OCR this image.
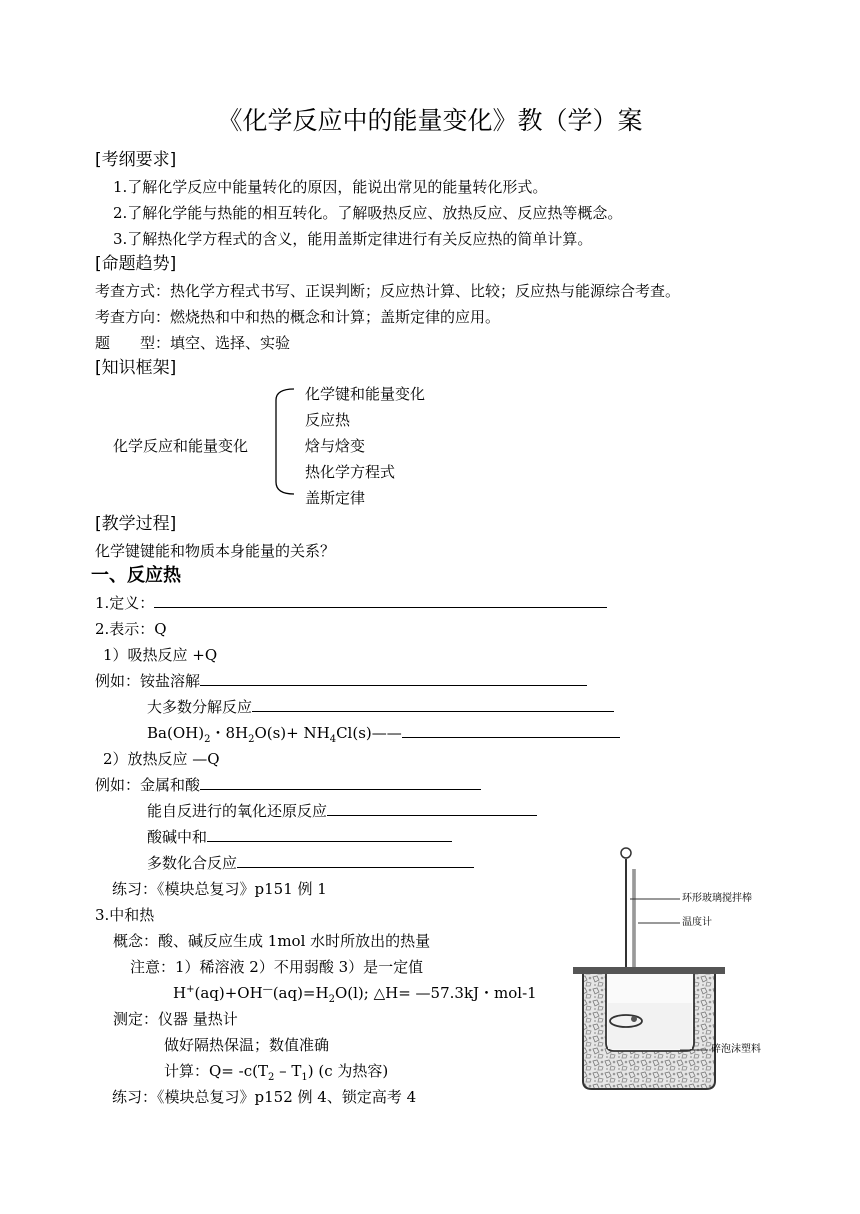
《化学反应中的能量变化》教（学）案
[考纲要求]
1.了解化学反应中能量转化的原因，能说出常见的能量转化形式。
2.了解化学能与热能的相互转化。了解吸热反应、放热反应、反应热等概念。
3.了解热化学方程式的含义，能用盖斯定律进行有关反应热的简单计算。
[命题趋势]
考查方式：热化学方程式书写、正误判断；反应热计算、比较；反应热与能源综合考查。
考查方向：燃烧热和中和热的概念和计算；盖斯定律的应用。
题 型：填空、选择、实验
[知识框架]
化学反应和能量变化
化学键和能量变化
反应热
焓与焓变
热化学方程式
盖斯定律
[教学过程]
化学键键能和物质本身能量的关系？
一、反应热
1.定义：
2.表示：Q
1）吸热反应 +Q
例如：铵盐溶解
大多数分解反应
$Ba(OH)_2$・$8H_2O(s)+$ $NH_4Cl(s)——$
2）放热反应 —Q
例如：金属和酸
能自反进行的氧化还原反应
酸碱中和
多数化合反应
练习：《模块总复习》p151 例 1
3.中和热
概念：酸、碱反应生成 1mol 水时所放出的热量
注意：1）稀溶液 2）不用弱酸 3）是一定值
$H^+(aq)+OH^—(aq)=H_2O(l)$; △H= —57.3kJ・mol-1
测定：仪器 量热计
做好隔热保温；数值准确
计算：$Q= -c(T_2 - T_1)$ (c 为热容)
练习：《模块总复习》p152 例 4、锁定高考 4
环形玻璃搅拌棒
温度计
碎泡沫塑料
